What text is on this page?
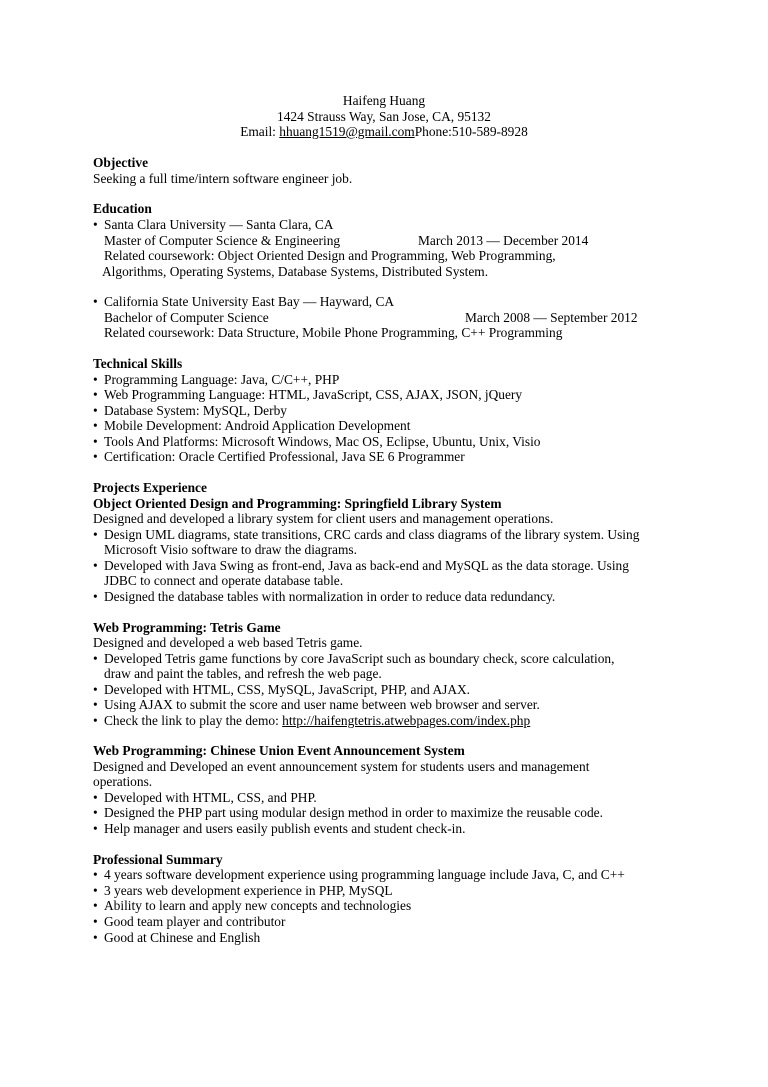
Haifeng Huang
1424 Strauss Way, San Jose, CA, 95132
Email: hhuang1519@gmail.comPhone:510-589-8928
Objective
Seeking a full time/intern software engineer job.
Education
•
Santa Clara University — Santa Clara, CA
Master of Computer Science & Engineering	March 2013 — December 2014
Related coursework: Object Oriented Design and Programming, Web Programming,
Algorithms, Operating Systems, Database Systems, Distributed System.
•
California State University East Bay — Hayward, CA
Bachelor of Computer Science	March 2008 — September 2012
Related coursework: Data Structure, Mobile Phone Programming, C++ Programming
Technical Skills
•
Programming Language: Java, C/C++, PHP
•
Web Programming Language: HTML, JavaScript, CSS, AJAX, JSON, jQuery
•
Database System: MySQL, Derby
•
Mobile Development: Android Application Development
•
Tools And Platforms: Microsoft Windows, Mac OS, Eclipse, Ubuntu, Unix, Visio
•
Certification: Oracle Certified Professional, Java SE 6 Programmer
Projects Experience
Object Oriented Design and Programming: Springfield Library System
Designed and developed a library system for client users and management operations.
•
Design UML diagrams, state transitions, CRC cards and class diagrams of the library system. Using
Microsoft Visio software to draw the diagrams.
•
Developed with Java Swing as front-end, Java as back-end and MySQL as the data storage. Using
JDBC to connect and operate database table.
•
Designed the database tables with normalization in order to reduce data redundancy.
Web Programming: Tetris Game
Designed and developed a web based Tetris game.
•
Developed Tetris game functions by core JavaScript such as boundary check, score calculation,
draw and paint the tables, and refresh the web page.
•
Developed with HTML, CSS, MySQL, JavaScript, PHP, and AJAX.
•
Using AJAX to submit the score and user name between web browser and server.
•
Check the link to play the demo: http://haifengtetris.atwebpages.com/index.php
Web Programming: Chinese Union Event Announcement System
Designed and Developed an event announcement system for students users and management
operations.
•
Developed with HTML, CSS, and PHP.
•
Designed the PHP part using modular design method in order to maximize the reusable code.
•
Help manager and users easily publish events and student check-in.
Professional Summary
•
4 years software development experience using programming language include Java, C, and C++
•
3 years web development experience in PHP, MySQL
•
Ability to learn and apply new concepts and technologies
•
Good team player and contributor
•
Good at Chinese and English
